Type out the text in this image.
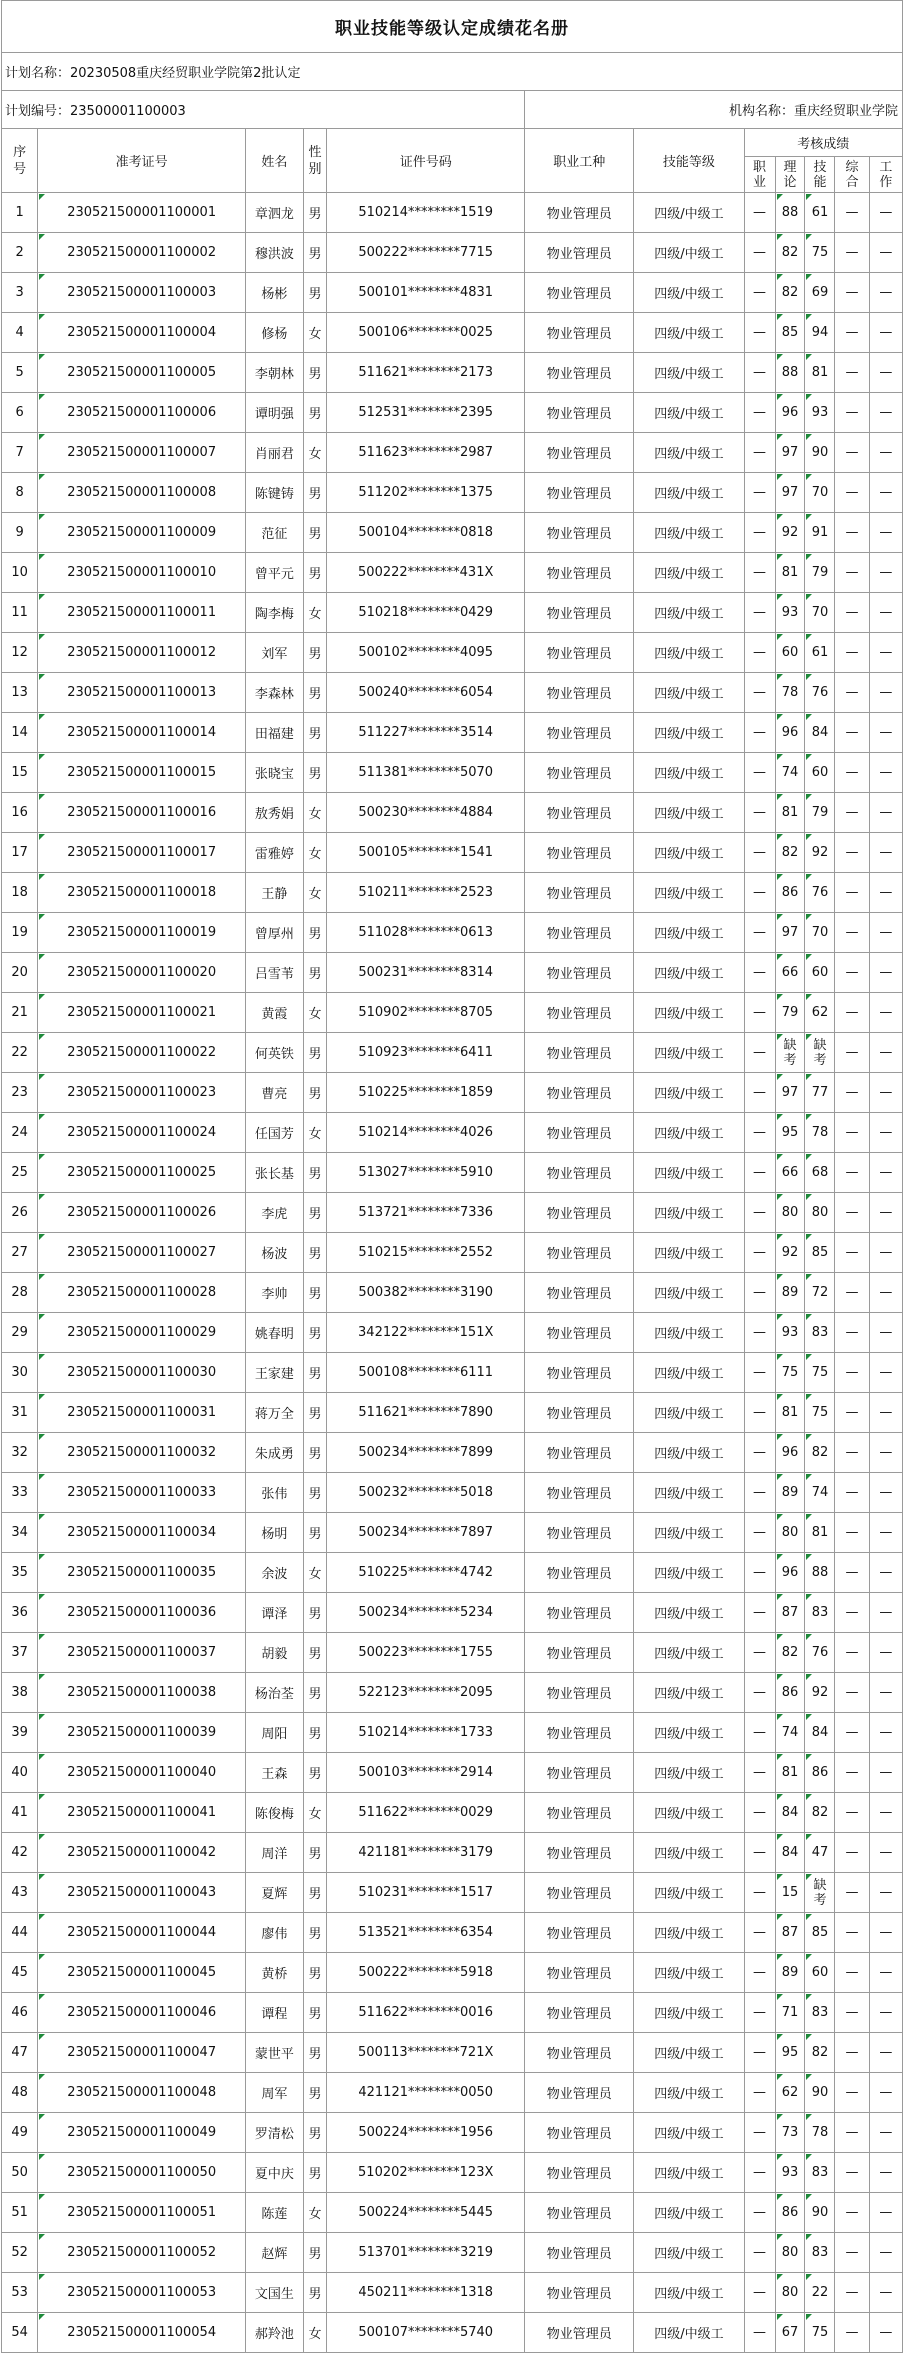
职业技能等级认定成绩花名册											
计划名称：20230508重庆经贸职业学院第2批认定											
计划编号：23500001100003					机构名称：重庆经贸职业学院						
序号	准考证号	姓名	性别	证件号码	职业工种	技能等级	考核成绩				
							职业	理论	技能	综合	工作
1	230521500001100001	章泗龙	男	510214********1519	物业管理员	四级/中级工	—	88	61	—	—
2	230521500001100002	穆洪波	男	500222********7715	物业管理员	四级/中级工	—	82	75	—	—
3	230521500001100003	杨彬	男	500101********4831	物业管理员	四级/中级工	—	82	69	—	—
4	230521500001100004	修杨	女	500106********0025	物业管理员	四级/中级工	—	85	94	—	—
5	230521500001100005	李朝林	男	511621********2173	物业管理员	四级/中级工	—	88	81	—	—
6	230521500001100006	谭明强	男	512531********2395	物业管理员	四级/中级工	—	96	93	—	—
7	230521500001100007	肖丽君	女	511623********2987	物业管理员	四级/中级工	—	97	90	—	—
8	230521500001100008	陈键铸	男	511202********1375	物业管理员	四级/中级工	—	97	70	—	—
9	230521500001100009	范征	男	500104********0818	物业管理员	四级/中级工	—	92	91	—	—
10	230521500001100010	曾平元	男	500222********431X	物业管理员	四级/中级工	—	81	79	—	—
11	230521500001100011	陶李梅	女	510218********0429	物业管理员	四级/中级工	—	93	70	—	—
12	230521500001100012	刘军	男	500102********4095	物业管理员	四级/中级工	—	60	61	—	—
13	230521500001100013	李森林	男	500240********6054	物业管理员	四级/中级工	—	78	76	—	—
14	230521500001100014	田福建	男	511227********3514	物业管理员	四级/中级工	—	96	84	—	—
15	230521500001100015	张晓宝	男	511381********5070	物业管理员	四级/中级工	—	74	60	—	—
16	230521500001100016	敖秀娟	女	500230********4884	物业管理员	四级/中级工	—	81	79	—	—
17	230521500001100017	雷雅婷	女	500105********1541	物业管理员	四级/中级工	—	82	92	—	—
18	230521500001100018	王静	女	510211********2523	物业管理员	四级/中级工	—	86	76	—	—
19	230521500001100019	曾厚州	男	511028********0613	物业管理员	四级/中级工	—	97	70	—	—
20	230521500001100020	吕雪苇	男	500231********8314	物业管理员	四级/中级工	—	66	60	—	—
21	230521500001100021	黄霞	女	510902********8705	物业管理员	四级/中级工	—	79	62	—	—
22	230521500001100022	何英铁	男	510923********6411	物业管理员	四级/中级工	—	缺考	缺考	—	—
23	230521500001100023	曹亮	男	510225********1859	物业管理员	四级/中级工	—	97	77	—	—
24	230521500001100024	任国芳	女	510214********4026	物业管理员	四级/中级工	—	95	78	—	—
25	230521500001100025	张长基	男	513027********5910	物业管理员	四级/中级工	—	66	68	—	—
26	230521500001100026	李虎	男	513721********7336	物业管理员	四级/中级工	—	80	80	—	—
27	230521500001100027	杨波	男	510215********2552	物业管理员	四级/中级工	—	92	85	—	—
28	230521500001100028	李帅	男	500382********3190	物业管理员	四级/中级工	—	89	72	—	—
29	230521500001100029	姚春明	男	342122********151X	物业管理员	四级/中级工	—	93	83	—	—
30	230521500001100030	王家建	男	500108********6111	物业管理员	四级/中级工	—	75	75	—	—
31	230521500001100031	蒋万全	男	511621********7890	物业管理员	四级/中级工	—	81	75	—	—
32	230521500001100032	朱成勇	男	500234********7899	物业管理员	四级/中级工	—	96	82	—	—
33	230521500001100033	张伟	男	500232********5018	物业管理员	四级/中级工	—	89	74	—	—
34	230521500001100034	杨明	男	500234********7897	物业管理员	四级/中级工	—	80	81	—	—
35	230521500001100035	余波	女	510225********4742	物业管理员	四级/中级工	—	96	88	—	—
36	230521500001100036	谭泽	男	500234********5234	物业管理员	四级/中级工	—	87	83	—	—
37	230521500001100037	胡毅	男	500223********1755	物业管理员	四级/中级工	—	82	76	—	—
38	230521500001100038	杨治荃	男	522123********2095	物业管理员	四级/中级工	—	86	92	—	—
39	230521500001100039	周阳	男	510214********1733	物业管理员	四级/中级工	—	74	84	—	—
40	230521500001100040	王森	男	500103********2914	物业管理员	四级/中级工	—	81	86	—	—
41	230521500001100041	陈俊梅	女	511622********0029	物业管理员	四级/中级工	—	84	82	—	—
42	230521500001100042	周洋	男	421181********3179	物业管理员	四级/中级工	—	84	47	—	—
43	230521500001100043	夏辉	男	510231********1517	物业管理员	四级/中级工	—	15	缺考	—	—
44	230521500001100044	廖伟	男	513521********6354	物业管理员	四级/中级工	—	87	85	—	—
45	230521500001100045	黄桥	男	500222********5918	物业管理员	四级/中级工	—	89	60	—	—
46	230521500001100046	谭程	男	511622********0016	物业管理员	四级/中级工	—	71	83	—	—
47	230521500001100047	蒙世平	男	500113********721X	物业管理员	四级/中级工	—	95	82	—	—
48	230521500001100048	周军	男	421121********0050	物业管理员	四级/中级工	—	62	90	—	—
49	230521500001100049	罗清松	男	500224********1956	物业管理员	四级/中级工	—	73	78	—	—
50	230521500001100050	夏中庆	男	510202********123X	物业管理员	四级/中级工	—	93	83	—	—
51	230521500001100051	陈莲	女	500224********5445	物业管理员	四级/中级工	—	86	90	—	—
52	230521500001100052	赵辉	男	513701********3219	物业管理员	四级/中级工	—	80	83	—	—
53	230521500001100053	文国生	男	450211********1318	物业管理员	四级/中级工	—	80	22	—	—
54	230521500001100054	郝羚池	女	500107********5740	物业管理员	四级/中级工	—	67	75	—	—
